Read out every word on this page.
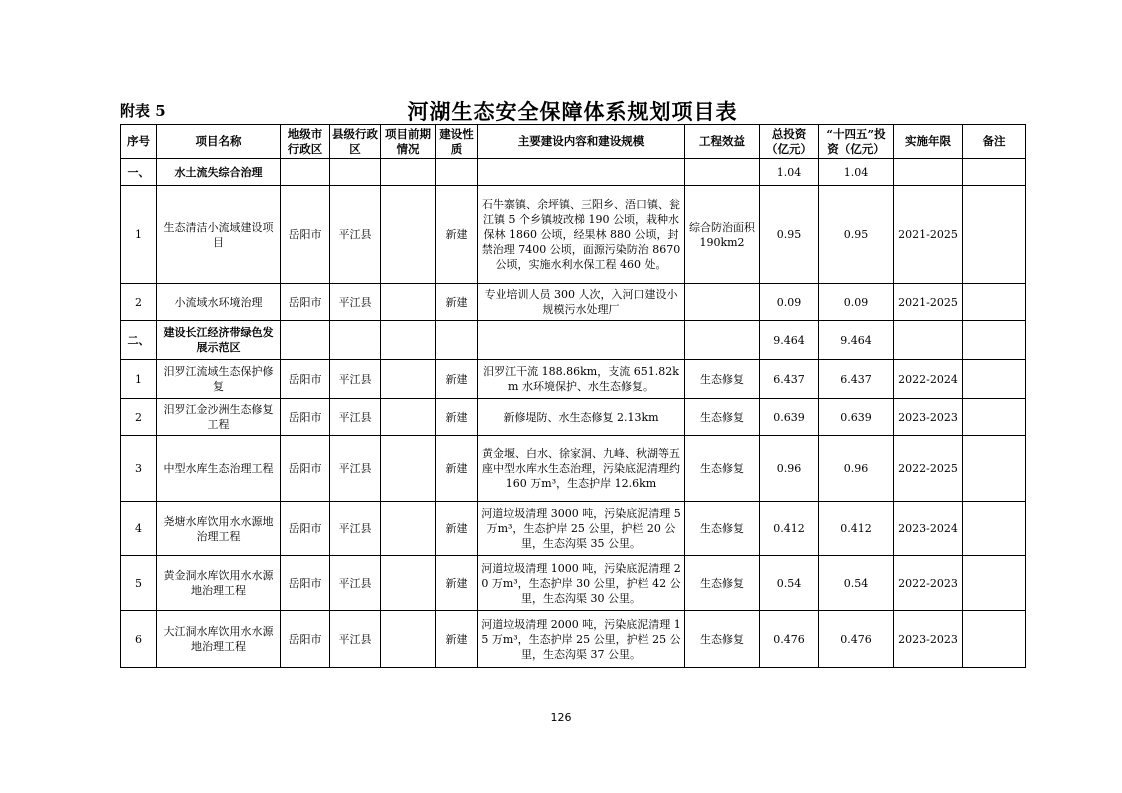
附表 5	河湖生态安全保障体系规划项目表
序号	项目名称	地级市行政区	县级行政区	项目前期情况	建设性质	主要建设内容和建设规模	工程效益	总投资（亿元）	“十四五”投资（亿元）	实施年限	备注
一、	水土流失综合治理							1.04	1.04		
1	生态清洁小流域建设项目	岳阳市	平江县		新建	石牛寨镇、余坪镇、三阳乡、浯口镇、瓮江镇 5 个乡镇坡改梯 190 公顷，栽种水保林 1860 公顷，经果林 880 公顷，封禁治理 7400 公顷，面源污染防治 8670 公顷，实施水利水保工程 460 处。	综合防治面积 190km2	0.95	0.95	2021-2025	
2	小流域水环境治理	岳阳市	平江县		新建	专业培训人员 300 人次，入河口建设小规模污水处理厂		0.09	0.09	2021-2025	
二、	建设长江经济带绿色发展示范区							9.464	9.464		
1	汨罗江流域生态保护修复	岳阳市	平江县		新建	汨罗江干流 188.86km，支流 651.82km 水环境保护、水生态修复。	生态修复	6.437	6.437	2022-2024	
2	汨罗江金沙洲生态修复工程	岳阳市	平江县		新建	新修堤防、水生态修复 2.13km	生态修复	0.639	0.639	2023-2023	
3	中型水库生态治理工程	岳阳市	平江县		新建	黄金堰、白水、徐家洞、九峰、秋湖等五座中型水库水生态治理，污染底泥清理约 160 万m³，生态护岸 12.6km	生态修复	0.96	0.96	2022-2025	
4	尧塘水库饮用水水源地治理工程	岳阳市	平江县		新建	河道垃圾清理 3000 吨，污染底泥清理 5 万m³，生态护岸 25 公里，护栏 20 公里，生态沟渠 35 公里。	生态修复	0.412	0.412	2023-2024	
5	黄金洞水库饮用水水源地治理工程	岳阳市	平江县		新建	河道垃圾清理 1000 吨，污染底泥清理 20 万m³，生态护岸 30 公里，护栏 42 公里，生态沟渠 30 公里。	生态修复	0.54	0.54	2022-2023	
6	大江洞水库饮用水水源地治理工程	岳阳市	平江县		新建	河道垃圾清理 2000 吨，污染底泥清理 15 万m³，生态护岸 25 公里，护栏 25 公里，生态沟渠 37 公里。	生态修复	0.476	0.476	2023-2023	
126
